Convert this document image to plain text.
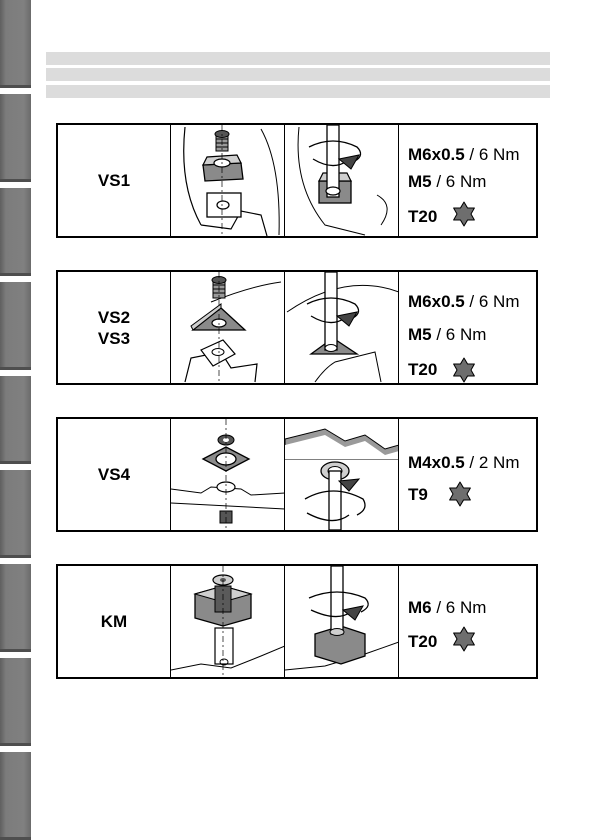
VS1
M6x0.5 / 6 Nm
M5 / 6 Nm
T20
VS2
VS3
M6x0.5 / 6 Nm
M5 / 6 Nm
T20
VS4
M4x0.5 / 2 Nm
T9
KM
M6 / 6 Nm
T20
